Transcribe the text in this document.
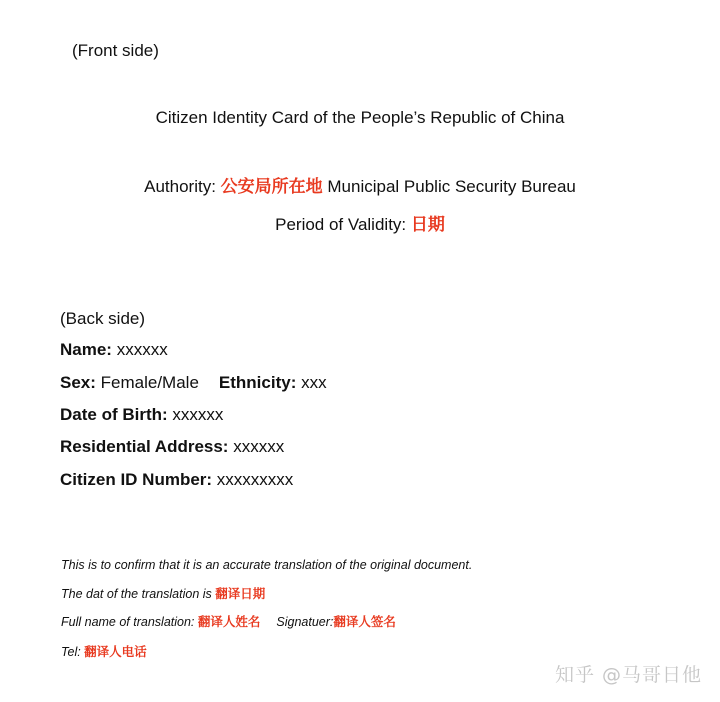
(Front side)
Citizen Identity Card of the People’s Republic of China
Authority: 公安局所在地 Municipal Public Security Bureau
Period of Validity: 日期
(Back side)
Name: xxxxxx
Sex: Female/Male Ethnicity: xxx
Date of Birth: xxxxxx
Residential Address: xxxxxx
Citizen ID Number: xxxxxxxxx
This is to confirm that it is an accurate translation of the original document.
The dat of the translation is 翻译日期
Full name of translation: 翻译人姓名 Signatuer:翻译人签名
Tel: 翻译人电话
知乎 @马哥日他
